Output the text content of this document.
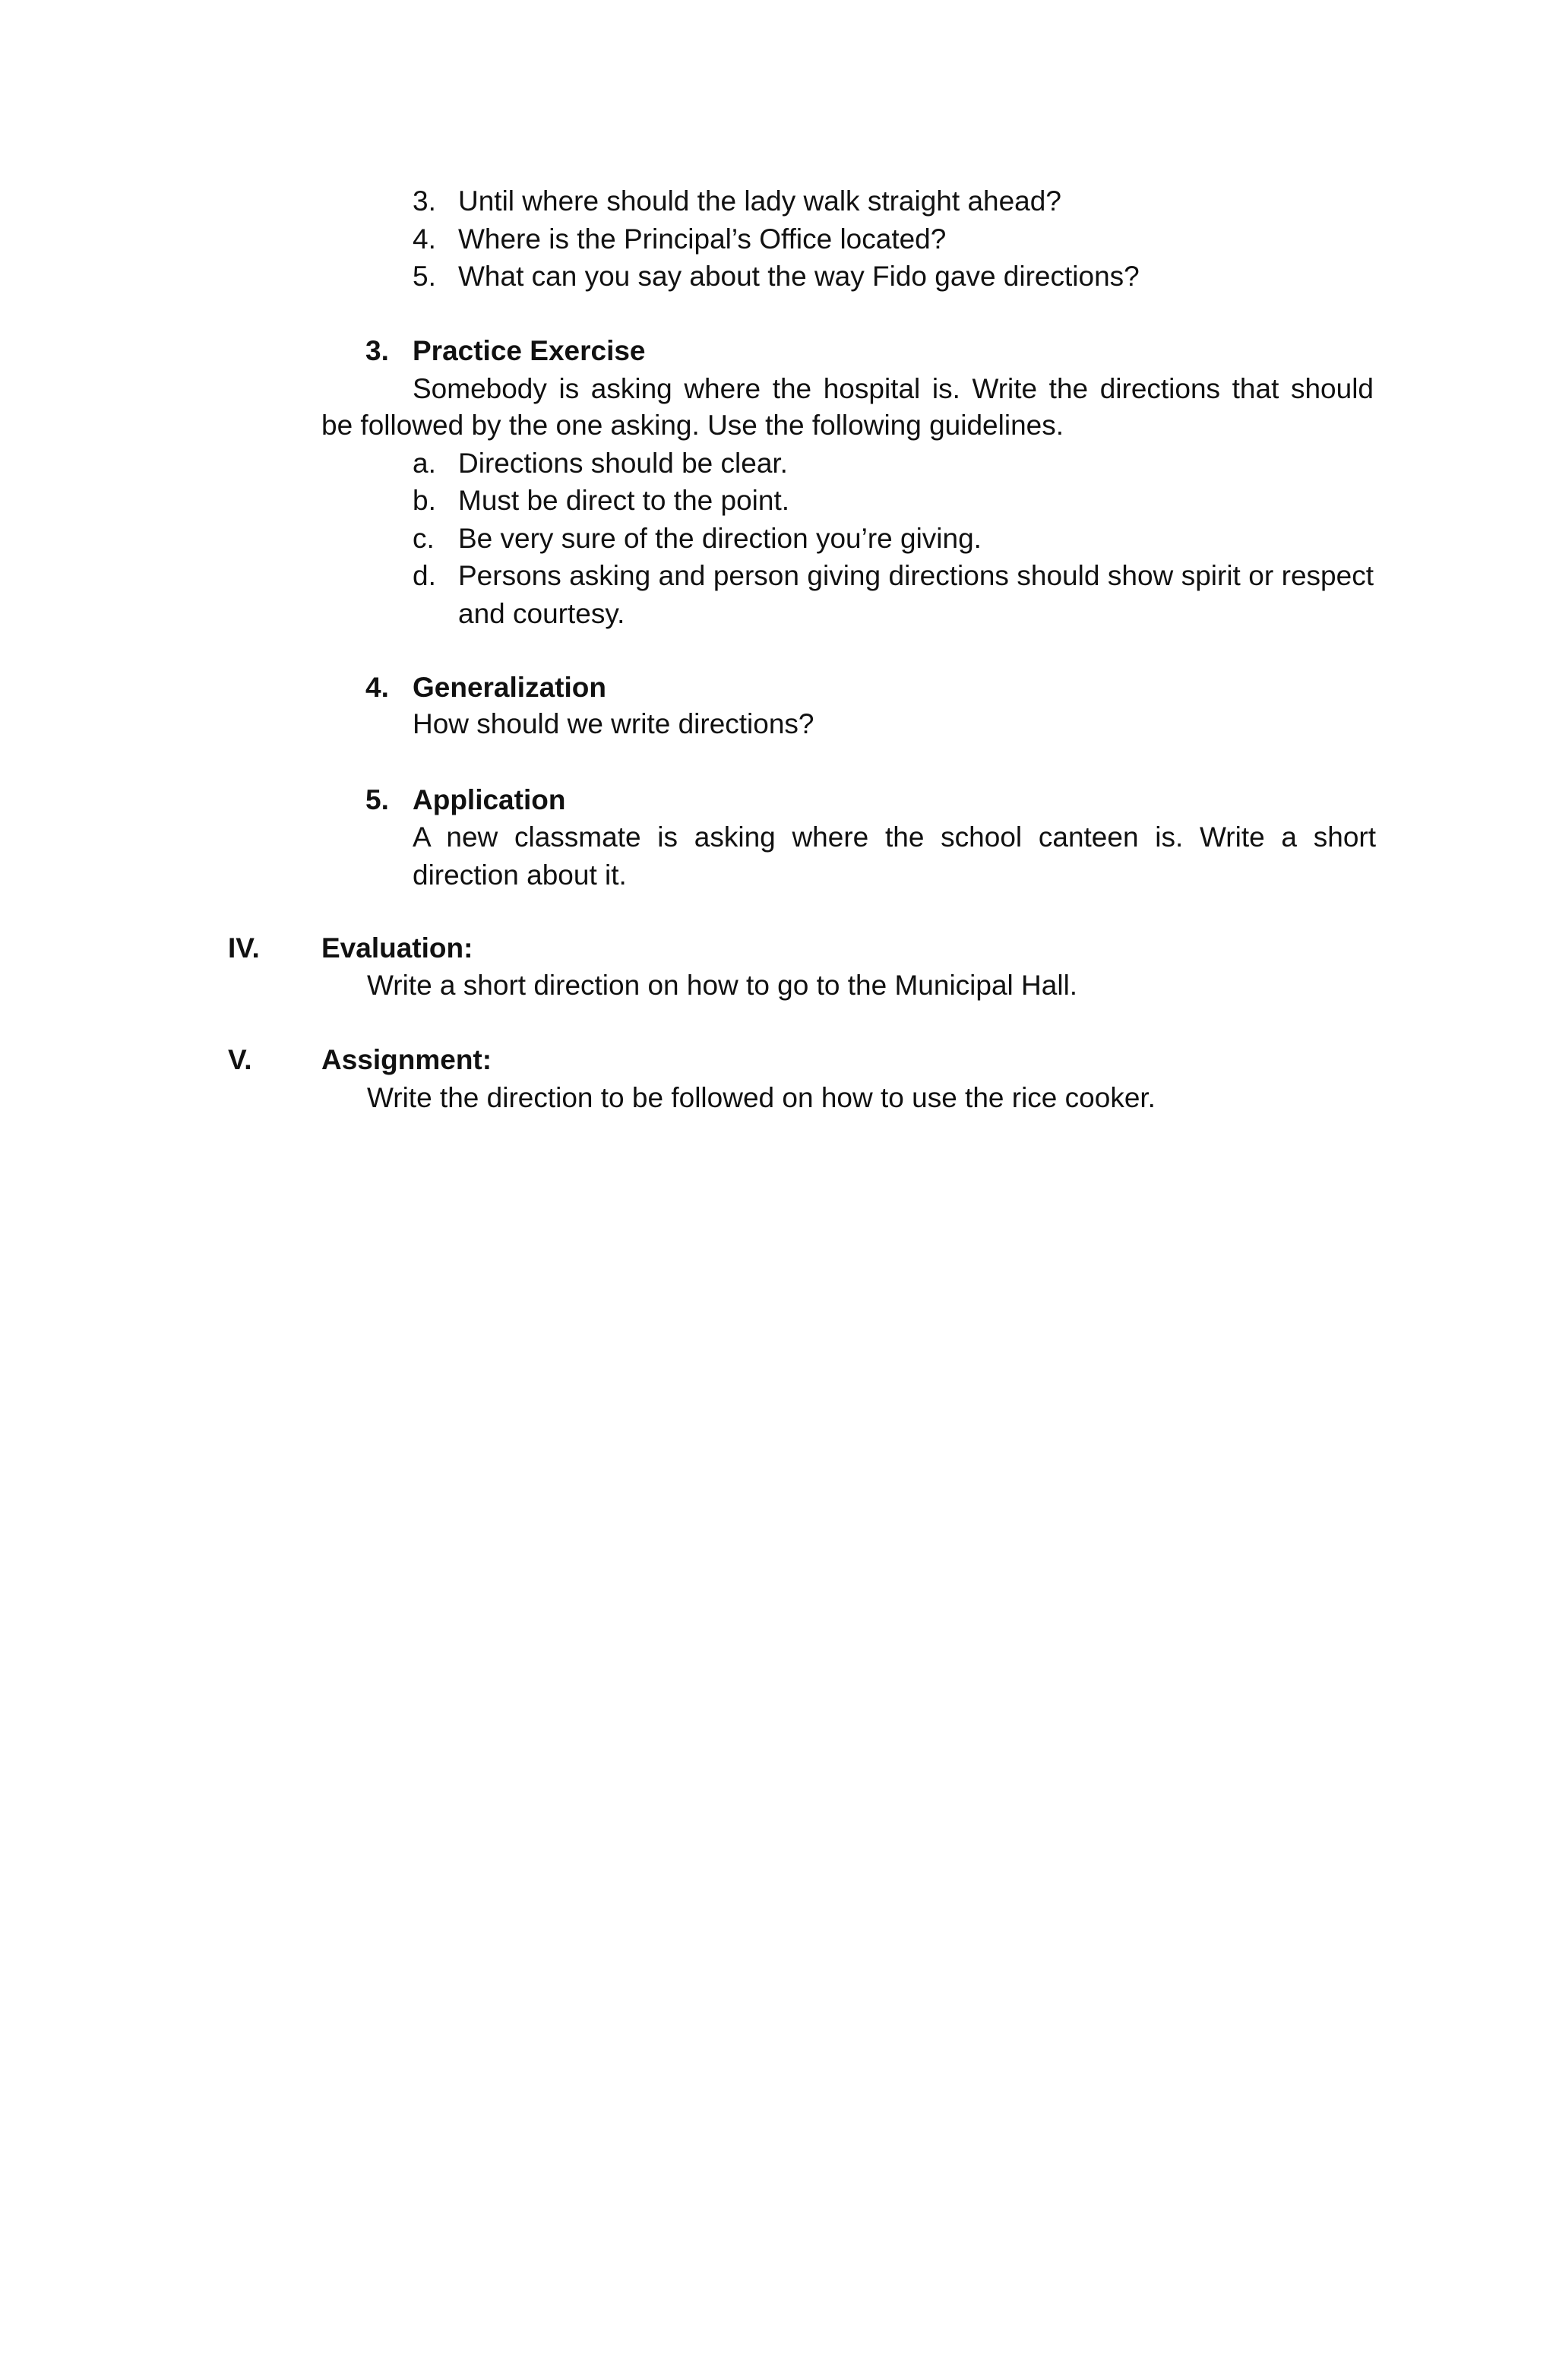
3. Until where should the lady walk straight ahead?
4. Where is the Principal’s Office located?
5. What can you say about the way Fido gave directions?
3. Practice Exercise
Somebody is asking where the hospital is. Write the directions that should
be followed by the one asking. Use the following guidelines.
a. Directions should be clear.
b. Must be direct to the point.
c. Be very sure of the direction you’re giving.
d. Persons asking and person giving directions should show spirit or respect
and courtesy.
4. Generalization
How should we write directions?
5. Application
A new classmate is asking where the school canteen is. Write a short
direction about it.
IV. Evaluation:
Write a short direction on how to go to the Municipal Hall.
V. Assignment:
Write the direction to be followed on how to use the rice cooker.
